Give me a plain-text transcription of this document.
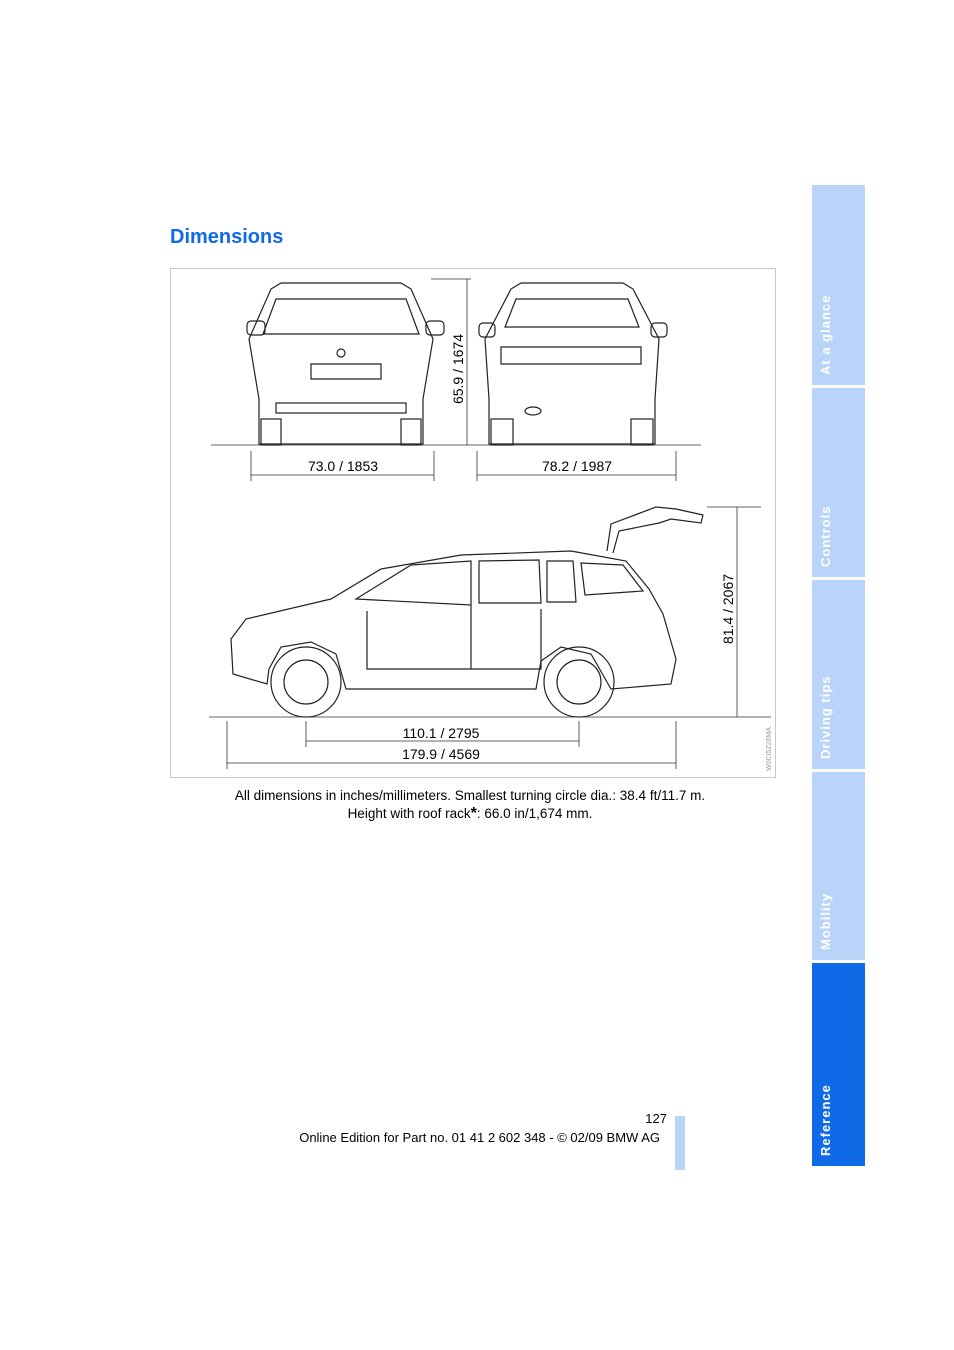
Dimensions
73.0 / 1853	78.2 / 1987
65.9 / 1674
81.4 / 2067
110.1 / 2795
179.9 / 4569	W0CI5Z26MA
All dimensions in inches/millimeters. Smallest turning circle dia.: 38.4 ft/11.7 m.
Height with roof rack*: 66.0 in/1,674 mm.
127
Online Edition for Part no. 01 41 2 602 348 - © 02/09 BMW AG
At a glance
Controls
Driving tips
Mobility
Reference
